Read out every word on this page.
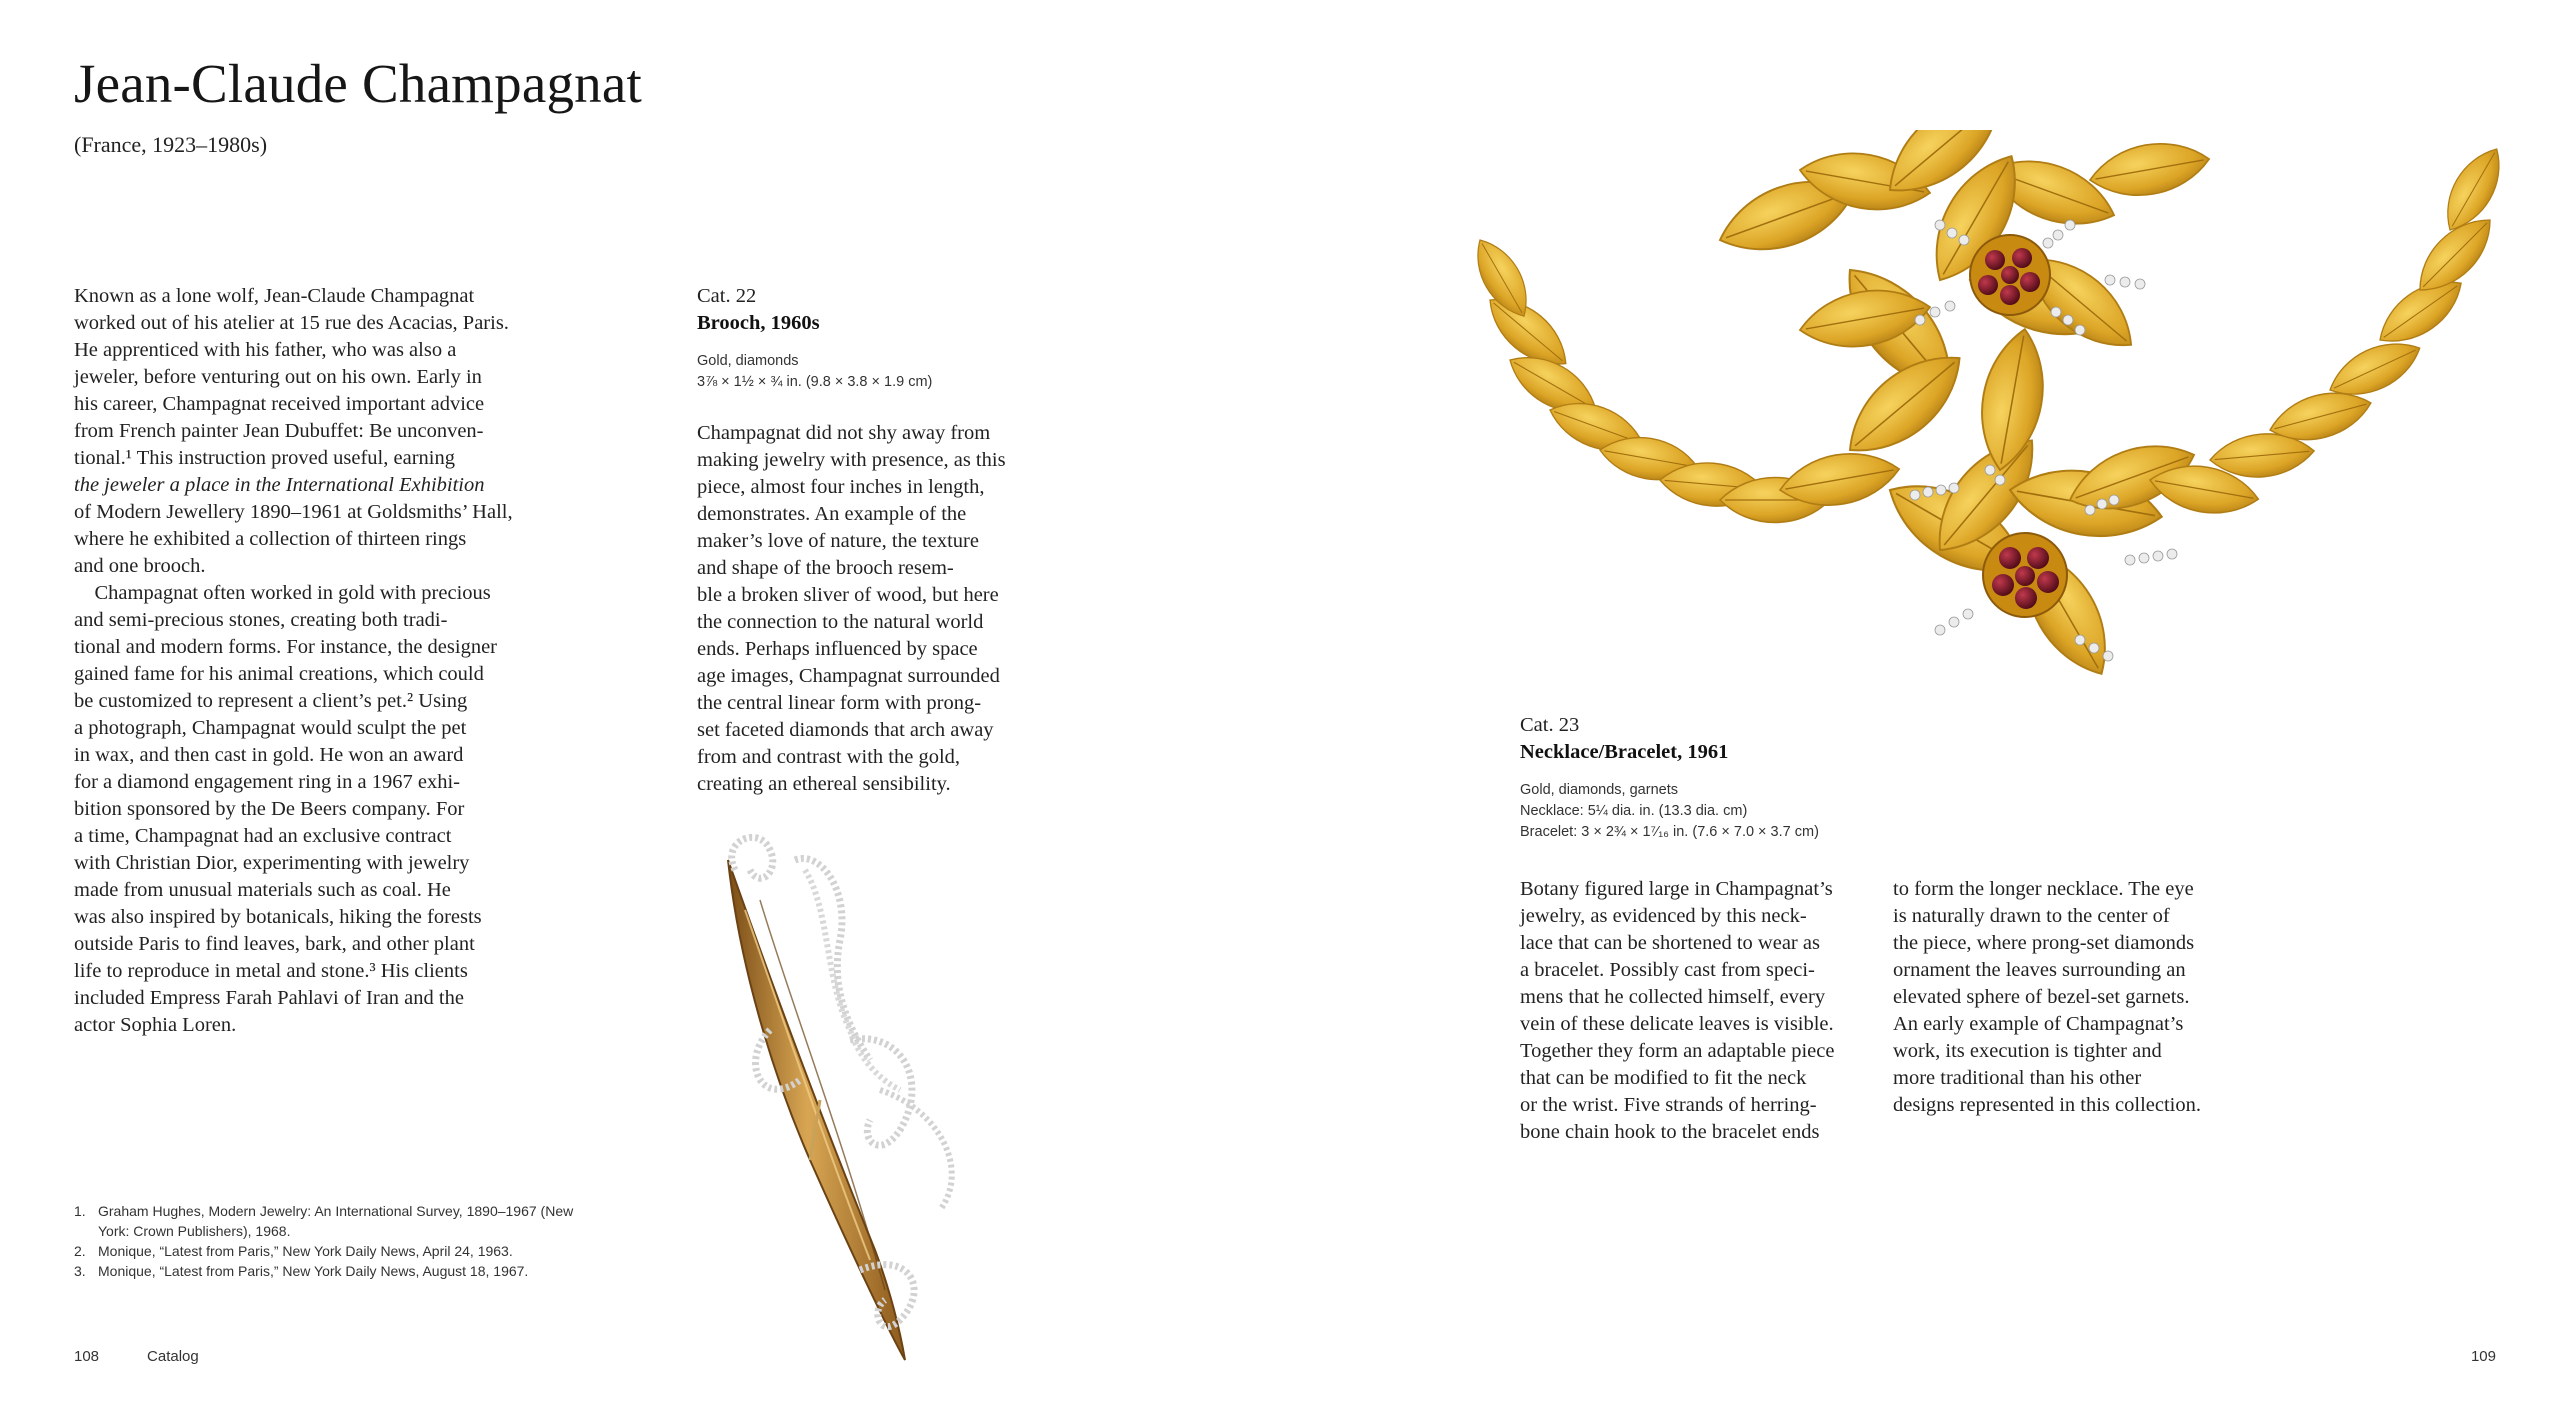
Jean-Claude Champagnat
(France, 1923–1980s)
Known as a lone wolf, Jean-Claude Champagnat
worked out of his atelier at 15 rue des Acacias, Paris.
He apprenticed with his father, who was also a
jeweler, before venturing out on his own. Early in
his career, Champagnat received important advice
from French painter Jean Dubuffet: Be unconven-
tional.¹ This instruction proved useful, earning
the jeweler a place in the International Exhibition
of Modern Jewellery 1890–1961 at Goldsmiths’ Hall,
where he exhibited a collection of thirteen rings
and one brooch.
Champagnat often worked in gold with precious
and semi-precious stones, creating both tradi-
tional and modern forms. For instance, the designer
gained fame for his animal creations, which could
be customized to represent a client’s pet.² Using
a photograph, Champagnat would sculpt the pet
in wax, and then cast in gold. He won an award
for a diamond engagement ring in a 1967 exhi-
bition sponsored by the De Beers company. For
a time, Champagnat had an exclusive contract
with Christian Dior, experimenting with jewelry
made from unusual materials such as coal. He
was also inspired by botanicals, hiking the forests
outside Paris to find leaves, bark, and other plant
life to reproduce in metal and stone.³ His clients
included Empress Farah Pahlavi of Iran and the
actor Sophia Loren.
Cat. 22
Brooch, 1960s
Gold, diamonds
3⅞ × 1½ × ¾ in. (9.8 × 3.8 × 1.9 cm)
Champagnat did not shy away from
making jewelry with presence, as this
piece, almost four inches in length,
demonstrates. An example of the
maker’s love of nature, the texture
and shape of the brooch resem-
ble a broken sliver of wood, but here
the connection to the natural world
ends. Perhaps influenced by space
age images, Champagnat surrounded
the central linear form with prong-
set faceted diamonds that arch away
from and contrast with the gold,
creating an ethereal sensibility.
1. Graham Hughes, Modern Jewelry: An International Survey, 1890–1967 (New
York: Crown Publishers), 1968.
2. Monique, “Latest from Paris,” New York Daily News, April 24, 1963.
3. Monique, “Latest from Paris,” New York Daily News, August 18, 1967.
108	Catalog
Cat. 23
Necklace/Bracelet, 1961
Gold, diamonds, garnets
Necklace: 5¼ dia. in. (13.3 dia. cm)
Bracelet: 3 × 2¾ × 1⁷⁄₁₆ in. (7.6 × 7.0 × 3.7 cm)
Botany figured large in Champagnat’s
jewelry, as evidenced by this neck-
lace that can be shortened to wear as
a bracelet. Possibly cast from speci-
mens that he collected himself, every
vein of these delicate leaves is visible.
Together they form an adaptable piece
that can be modified to fit the neck
or the wrist. Five strands of herring-
bone chain hook to the bracelet ends
to form the longer necklace. The eye
is naturally drawn to the center of
the piece, where prong-set diamonds
ornament the leaves surrounding an
elevated sphere of bezel-set garnets.
An early example of Champagnat’s
work, its execution is tighter and
more traditional than his other
designs represented in this collection.
109
